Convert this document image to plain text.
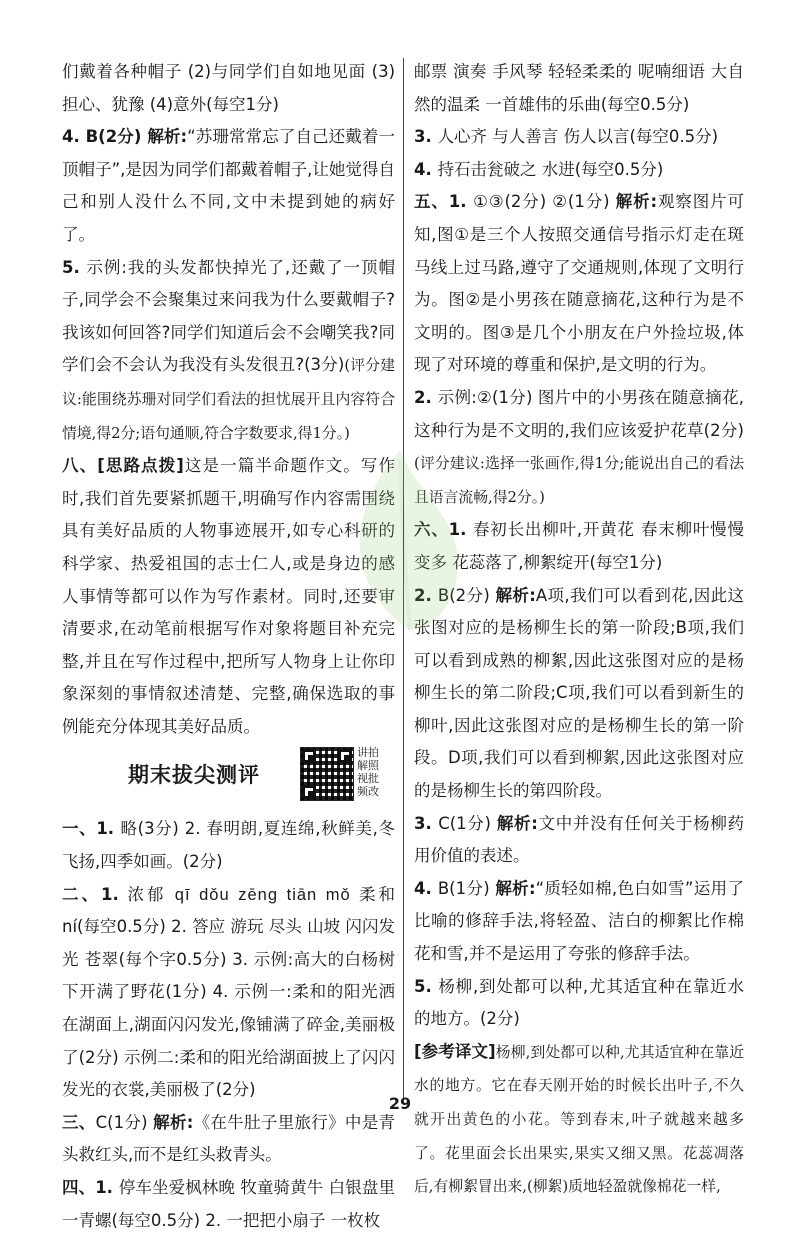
们戴着各种帽子 (2)与同学们自如地见面 (3)担心、犹豫 (4)意外(每空1分)

4. B(2分) 解析:“苏珊常常忘了自己还戴着一顶帽子”,是因为同学们都戴着帽子,让她觉得自己和别人没什么不同,文中未提到她的病好了。

5. 示例:我的头发都快掉光了,还戴了一顶帽子,同学会不会聚集过来问我为什么要戴帽子?我该如何回答?同学们知道后会不会嘲笑我?同学们会不会认为我没有头发很丑?(3分)(评分建议:能围绕苏珊对同学们看法的担忧展开且内容符合情境,得2分;语句通顺,符合字数要求,得1分。)

八、[思路点拨]这是一篇半命题作文。写作时,我们首先要紧抓题干,明确写作内容需围绕具有美好品质的人物事迹展开,如专心科研的科学家、热爱祖国的志士仁人,或是身边的感人事情等都可以作为写作素材。同时,还要审清要求,在动笔前根据写作对象将题目补充完整,并且在写作过程中,把所写人物身上让你印象深刻的事情叙述清楚、完整,确保选取的事例能充分体现其美好品质。

期末拔尖测评
讲拍
解照
视批
频改

一、1. 略(3分) 2. 春明朗,夏连绵,秋鲜美,冬飞扬,四季如画。(2分)

二、1. 浓郁 qī dǒu zēng tiān mǒ 柔和 ní(每空0.5分) 2. 答应 游玩 尽头 山坡 闪闪发光 苍翠(每个字0.5分) 3. 示例:高大的白杨树下开满了野花(1分) 4. 示例一:柔和的阳光洒在湖面上,湖面闪闪发光,像铺满了碎金,美丽极了(2分) 示例二:柔和的阳光给湖面披上了闪闪发光的衣裳,美丽极了(2分)

三、C(1分) 解析:《在牛肚子里旅行》中是青头救红头,而不是红头救青头。

四、1. 停车坐爱枫林晚 牧童骑黄牛 白银盘里一青螺(每空0.5分) 2. 一把把小扇子 一枚枚

邮票 演奏 手风琴 轻轻柔柔的 呢喃细语 大自然的温柔 一首雄伟的乐曲(每空0.5分)

3. 人心齐 与人善言 伤人以言(每空0.5分)

4. 持石击瓮破之 水进(每空0.5分)

五、1. ①③(2分) ②(1分) 解析:观察图片可知,图①是三个人按照交通信号指示灯走在斑马线上过马路,遵守了交通规则,体现了文明行为。图②是小男孩在随意摘花,这种行为是不文明的。图③是几个小朋友在户外捡垃圾,体现了对环境的尊重和保护,是文明的行为。

2. 示例:②(1分) 图片中的小男孩在随意摘花,这种行为是不文明的,我们应该爱护花草(2分)(评分建议:选择一张画作,得1分;能说出自己的看法且语言流畅,得2分。)

六、1. 春初长出柳叶,开黄花 春末柳叶慢慢变多 花蕊落了,柳絮绽开(每空1分)

2. B(2分) 解析:A项,我们可以看到花,因此这张图对应的是杨柳生长的第一阶段;B项,我们可以看到成熟的柳絮,因此这张图对应的是杨柳生长的第二阶段;C项,我们可以看到新生的柳叶,因此这张图对应的是杨柳生长的第一阶段。D项,我们可以看到柳絮,因此这张图对应的是杨柳生长的第四阶段。

3. C(1分) 解析:文中并没有任何关于杨柳药用价值的表述。

4. B(1分) 解析:“质轻如棉,色白如雪”运用了比喻的修辞手法,将轻盈、洁白的柳絮比作棉花和雪,并不是运用了夸张的修辞手法。

5. 杨柳,到处都可以种,尤其适宜种在靠近水的地方。(2分)

[参考译文]杨柳,到处都可以种,尤其适宜种在靠近水的地方。它在春天刚开始的时候长出叶子,不久就开出黄色的小花。等到春末,叶子就越来越多了。花里面会长出果实,果实又细又黑。花蕊凋落后,有柳絮冒出来,(柳絮)质地轻盈就像棉花一样,

29
